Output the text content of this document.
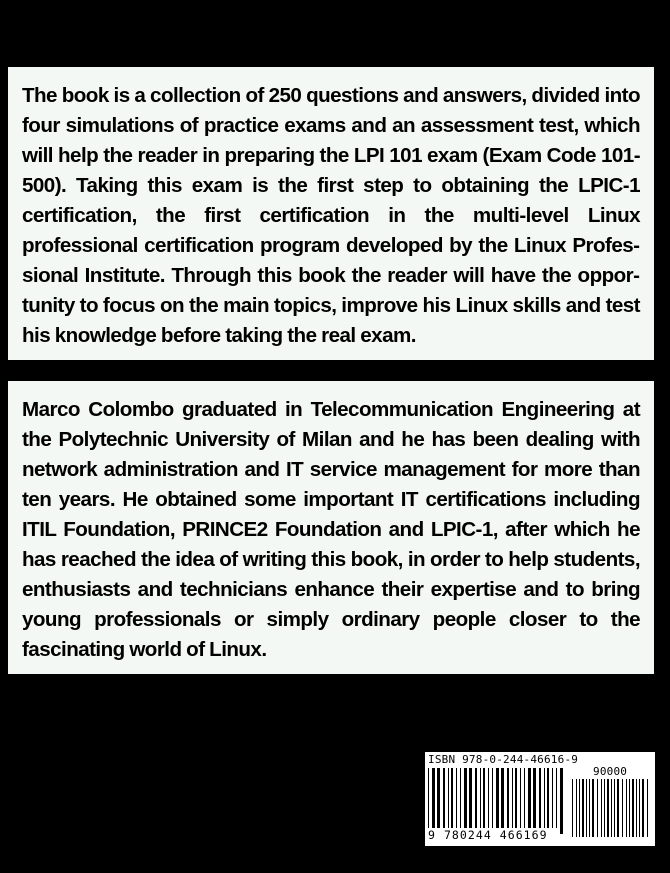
The book is a collection of 250 questions and answers, divided into four simulations of practice exams and an assessment test, which will help the reader in preparing the LPI 101 exam (Exam Code 101-500). Taking this exam is the first step to obtaining the LPIC-1 certification, the first certification in the multi-level Linux professional certification program developed by the Linux Professional Institute. Through this book the reader will have the opportunity to focus on the main topics, improve his Linux skills and test his knowledge before taking the real exam.

Marco Colombo graduated in Telecommunication Engineering at the Polytechnic University of Milan and he has been dealing with network administration and IT service management for more than ten years. He obtained some important IT certifications including ITIL Foundation, PRINCE2 Foundation and LPIC-1, after which he has reached the idea of writing this book, in order to help students, enthusiasts and technicians enhance their expertise and to bring young professionals or simply ordinary people closer to the fascinating world of Linux.

ISBN 978-0-244-46616-9
90000
9 780244 466169
